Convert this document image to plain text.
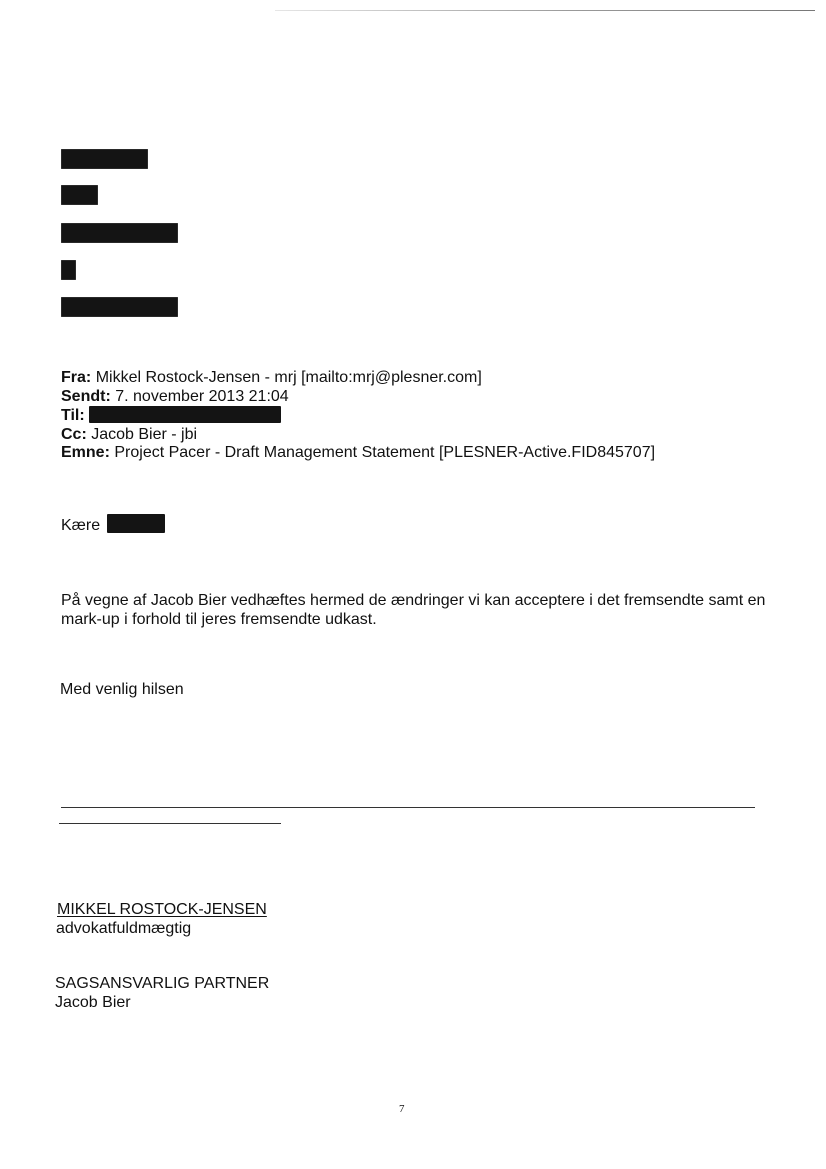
Fra: Mikkel Rostock-Jensen - mrj [mailto:mrj@plesner.com]
Sendt: 7. november 2013 21:04
Til:
Cc: Jacob Bier - jbi
Emne: Project Pacer - Draft Management Statement [PLESNER-Active.FID845707]
Kære
På vegne af Jacob Bier vedhæftes hermed de ændringer vi kan acceptere i det fremsendte samt en mark-up i forhold til jeres fremsendte udkast.
Med venlig hilsen
MIKKEL ROSTOCK-JENSEN
advokatfuldmægtig
SAGSANSVARLIG PARTNER
Jacob Bier
7
